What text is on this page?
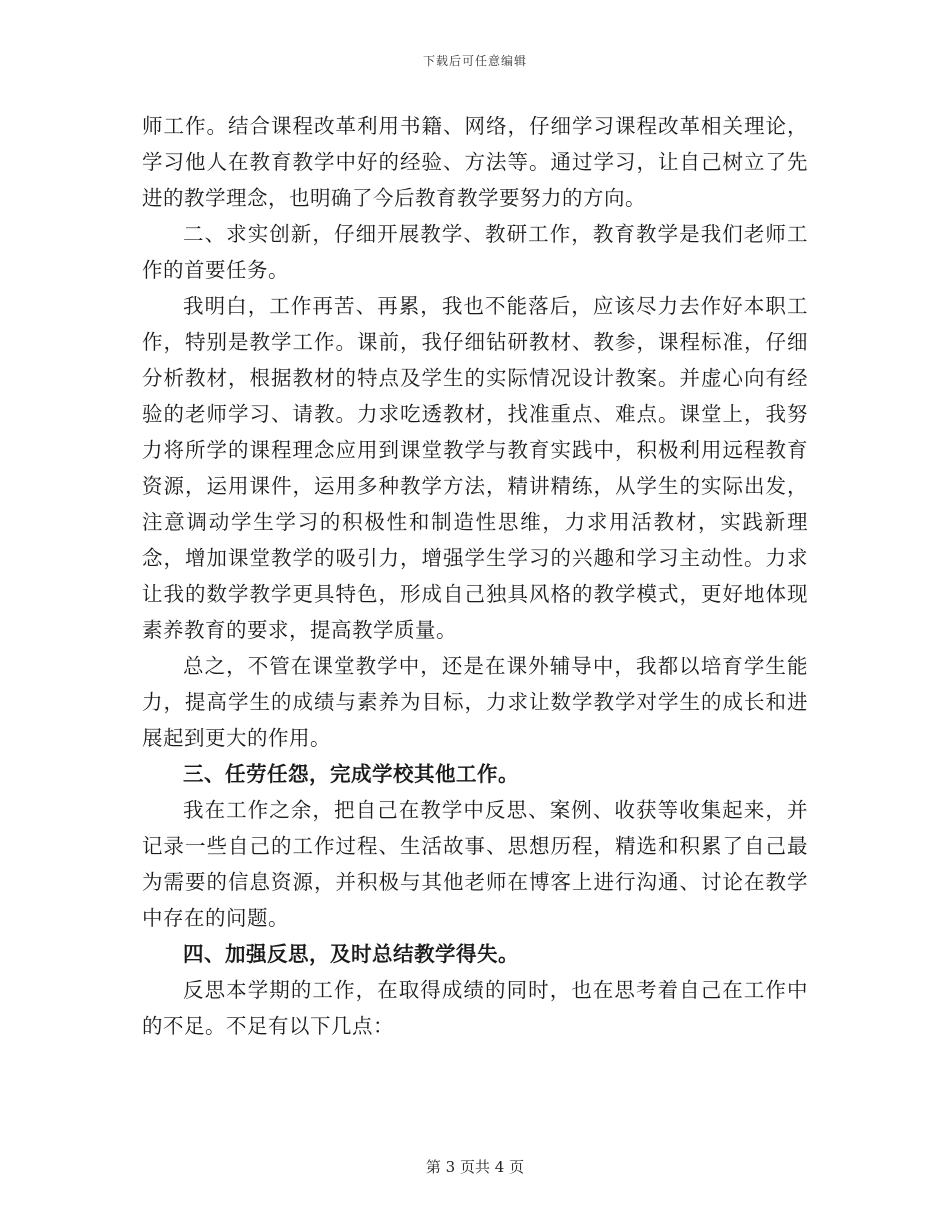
下载后可任意编辑

师工作。结合课程改革利用书籍、网络，仔细学习课程改革相关理论，学习他人在教育教学中好的经验、方法等。通过学习，让自己树立了先进的教学理念，也明确了今后教育教学要努力的方向。

二、求实创新，仔细开展教学、教研工作，教育教学是我们老师工作的首要任务。

我明白，工作再苦、再累，我也不能落后，应该尽力去作好本职工作，特别是教学工作。课前，我仔细钻研教材、教参，课程标准，仔细分析教材，根据教材的特点及学生的实际情况设计教案。并虚心向有经验的老师学习、请教。力求吃透教材，找准重点、难点。课堂上，我努力将所学的课程理念应用到课堂教学与教育实践中，积极利用远程教育资源，运用课件，运用多种教学方法，精讲精练，从学生的实际出发，注意调动学生学习的积极性和制造性思维，力求用活教材，实践新理念，增加课堂教学的吸引力，增强学生学习的兴趣和学习主动性。力求让我的数学教学更具特色，形成自己独具风格的教学模式，更好地体现素养教育的要求，提高教学质量。

总之，不管在课堂教学中，还是在课外辅导中，我都以培育学生能力，提高学生的成绩与素养为目标，力求让数学教学对学生的成长和进展起到更大的作用。

三、任劳任怨，完成学校其他工作。

我在工作之余，把自己在教学中反思、案例、收获等收集起来，并记录一些自己的工作过程、生活故事、思想历程，精选和积累了自己最为需要的信息资源，并积极与其他老师在博客上进行沟通、讨论在教学中存在的问题。

四、加强反思，及时总结教学得失。

反思本学期的工作，在取得成绩的同时，也在思考着自己在工作中的不足。不足有以下几点：

第 3 页共 4 页
